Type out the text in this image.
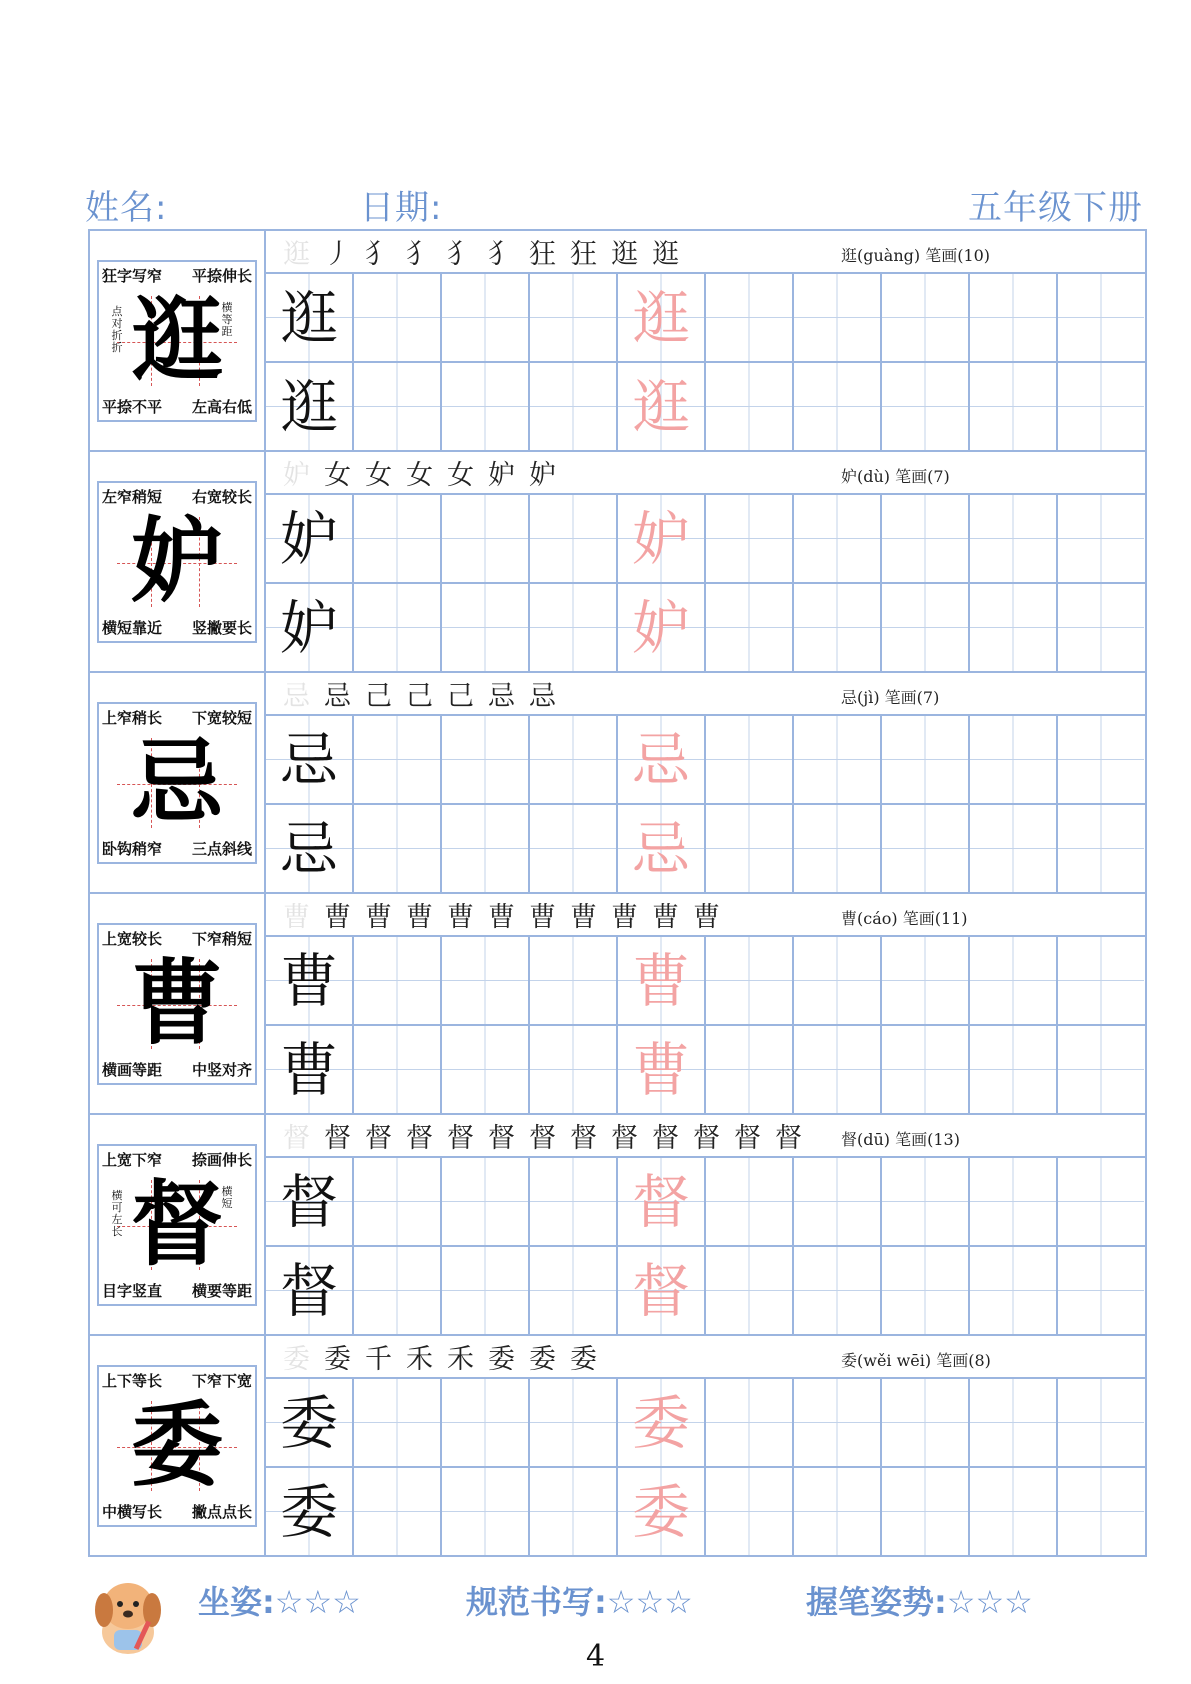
姓名:	日期:	五年级下册
狂字写窄 平捺伸长
平捺不平 左高右低
点对折折
横等距
逛
逛 丿 犭 犭 犭 犭 狂 狂 逛 逛	逛(guàng) 笔画(10)
逛	逛
逛	逛
左窄稍短 右宽较长
横短靠近 竖撇要长
妒
妒 女 女 女 女 妒 妒	妒(dù) 笔画(7)
妒	妒
妒	妒
上窄稍长 下宽较短
卧钩稍窄 三点斜线
忌
忌 忌 己 己 己 忌 忌	忌(jì) 笔画(7)
忌	忌
忌	忌
上宽较长 下窄稍短
横画等距 中竖对齐
曹
曹 曹 曹 曹 曹 曹 曹 曹 曹 曹 曹	曹(cáo) 笔画(11)
曹	曹
曹	曹
上宽下窄 捺画伸长
目字竖直 横要等距
横可左长
横短
督
督 督 督 督 督 督 督 督 督 督 督 督 督	督(dū) 笔画(13)
督	督
督	督
上下等长 下窄下宽
中横写长 撇点点长
委
委 委 千 禾 禾 委 委 委	委(wěi wēi) 笔画(8)
委	委
委	委
坐姿:☆☆☆	规范书写:☆☆☆	握笔姿势:☆☆☆
4
